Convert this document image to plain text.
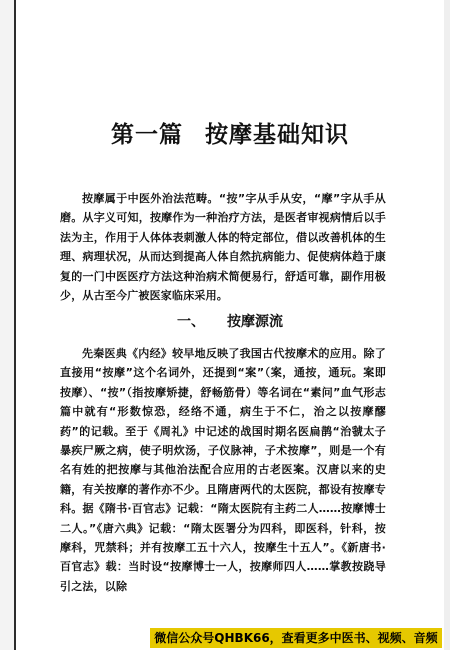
第一篇 按摩基础知识

按摩属于中医外治法范畴。“按”字从手从安，“摩”字从手从磨。从字义可知，按摩作为一种治疗方法，是医者审视病情后以手法为主，作用于人体体表刺激人体的特定部位，借以改善机体的生理、病理状况，从而达到提高人体自然抗病能力、促使病体趋于康复的一门中医医疗方法这种治病术简便易行，舒适可靠，副作用极少，从古至今广被医家临床采用。

一、 按摩源流

先秦医典《内经》较早地反映了我国古代按摩术的应用。除了直接用“按摩”这个名词外，还提到“案”（案，通按，通玩。案即按摩）、“按”（指按摩矫捷，舒畅筋骨）等名词在“素问”血气形志篇中就有“形数惊恐，经络不通，病生于不仁，治之以按摩醪药”的记载。至于《周礼》中记述的战国时期名医扁鹊“治虢太子暴疾尸厥之病，使子明炊汤，子仪脉神，子术按摩”，则是一个有名有姓的把按摩与其他治法配合应用的古老医案。汉唐以来的史籍，有关按摩的著作亦不少。且隋唐两代的太医院，都设有按摩专科。据《隋书·百官志》记载：“隋太医院有主药二人……按摩博士二人。”《唐六典》记载：“隋太医署分为四科，即医科，针科，按摩科，咒禁科；并有按摩工五十六人，按摩生十五人”。《新唐书·百官志》载：当时设“按摩博士一人，按摩师四人……掌教按跷导引之法，以除

微信公众号QHBK66，查看更多中医书、视频、音频
